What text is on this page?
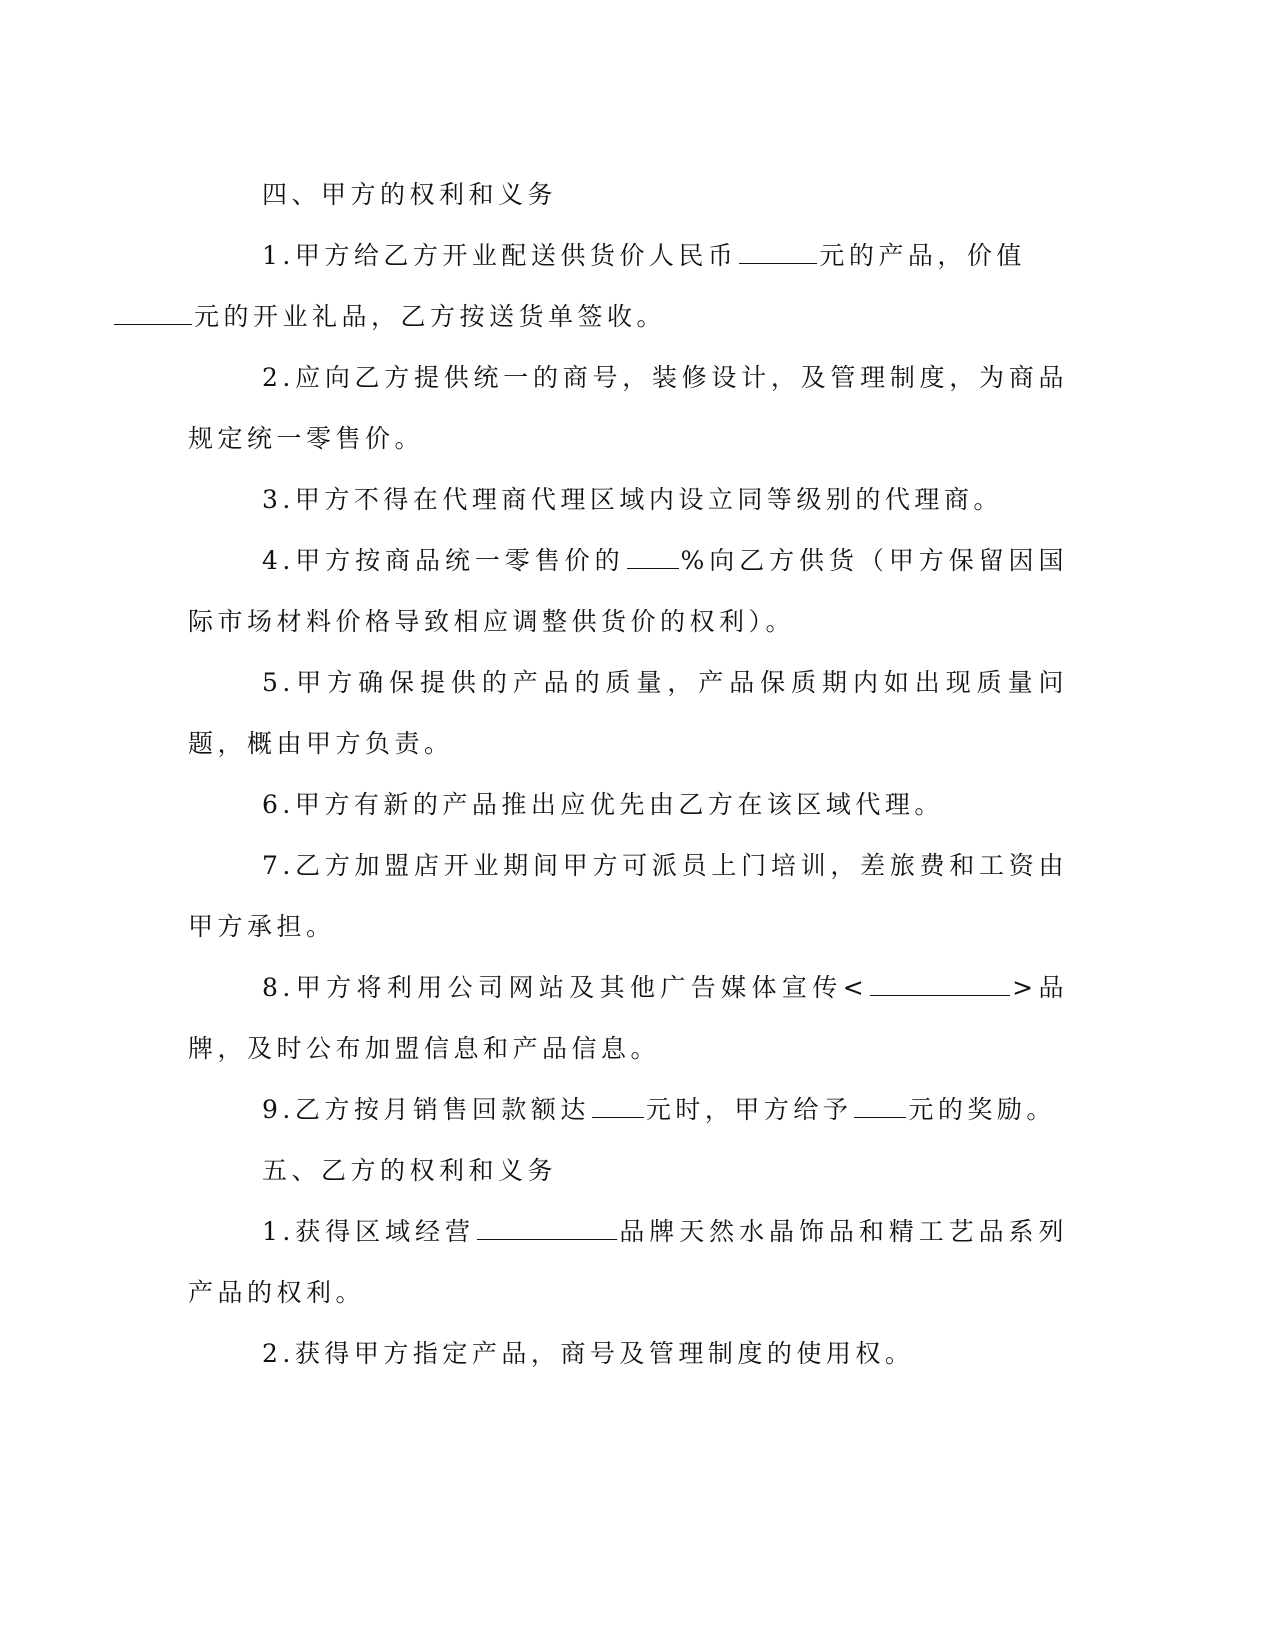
四、甲方的权利和义务

1.甲方给乙方开业配送供货价人民币	元的产品，价值
元的开业礼品，乙方按送货单签收。

2.应向乙方提供统一的商号，装修设计，及管理制度，为商品规定统一零售价。

3.甲方不得在代理商代理区域内设立同等级别的代理商。

4.甲方按商品统一零售价的 %向乙方供货（甲方保留因国际市场材料价格导致相应调整供货价的权利）。

5.甲方确保提供的产品的质量，产品保质期内如出现质量问题，概由甲方负责。

6.甲方有新的产品推出应优先由乙方在该区域代理。

7.乙方加盟店开业期间甲方可派员上门培训，差旅费和工资由甲方承担。

8.甲方将利用公司网站及其他广告媒体宣传<	>品牌，及时公布加盟信息和产品信息。

9.乙方按月销售回款额达 元时，甲方给予 元的奖励。

五、乙方的权利和义务

1.获得区域经营	品牌天然水晶饰品和精工艺品系列产品的权利。

2.获得甲方指定产品，商号及管理制度的使用权。
